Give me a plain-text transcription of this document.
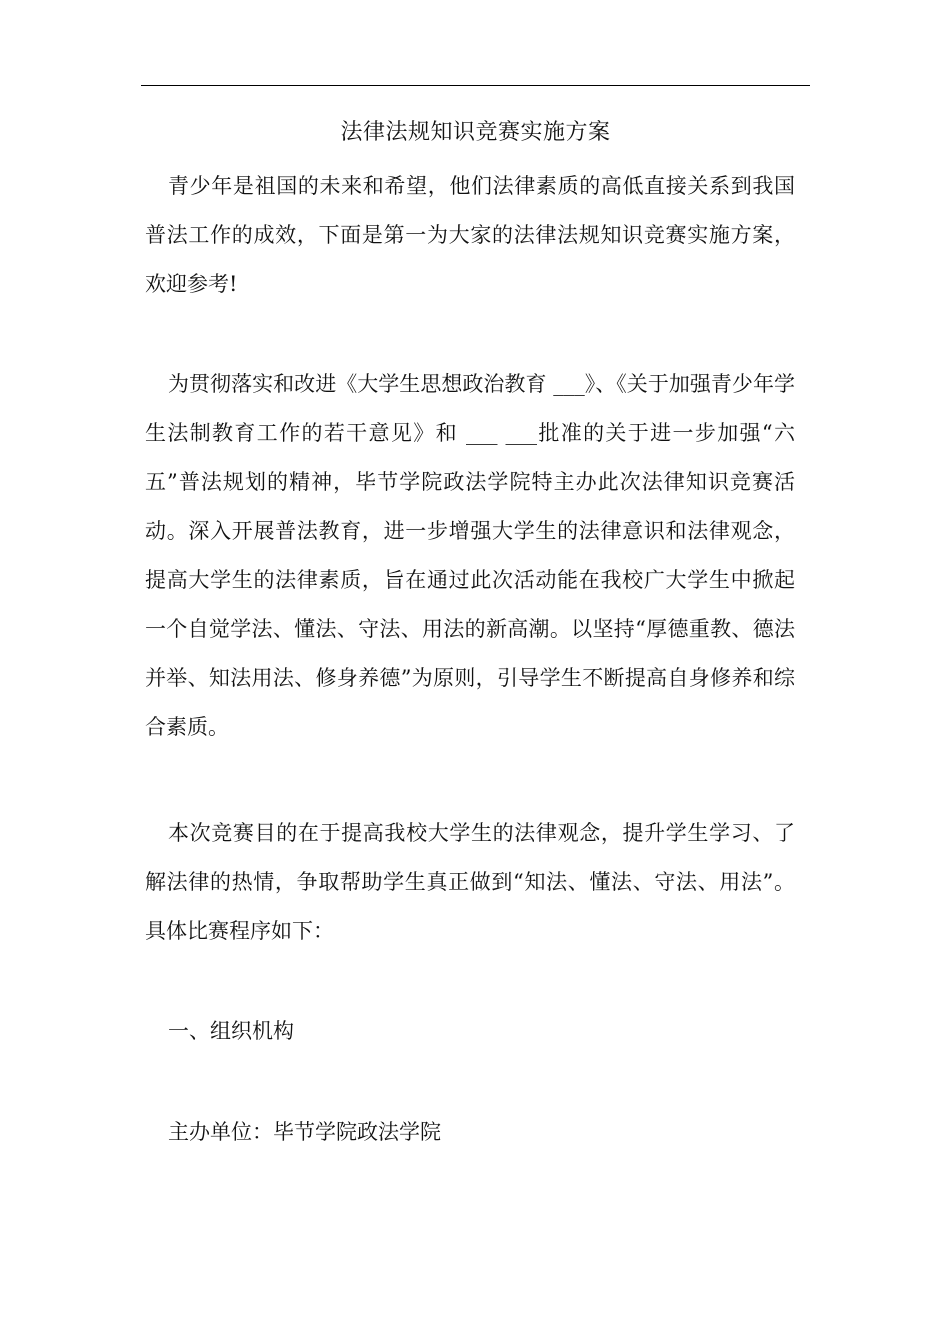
法律法规知识竞赛实施方案

青少年是祖国的未来和希望，他们法律素质的高低直接关系到我国普法工作的成效，下面是第一为大家的法律法规知识竞赛实施方案，欢迎参考!

为贯彻落实和改进《大学生思想政治教育 ___》、《关于加强青少年学生法制教育工作的若干意见》和 ___ ___批准的关于进一步加强“六五”普法规划的精神，毕节学院政法学院特主办此次法律知识竞赛活动。深入开展普法教育，进一步增强大学生的法律意识和法律观念，提高大学生的法律素质，旨在通过此次活动能在我校广大学生中掀起一个自觉学法、懂法、守法、用法的新高潮。以坚持“厚德重教、德法并举、知法用法、修身养德”为原则，引导学生不断提高自身修养和综合素质。

本次竞赛目的在于提高我校大学生的法律观念，提升学生学习、了解法律的热情，争取帮助学生真正做到“知法、懂法、守法、用法”。具体比赛程序如下：

一、组织机构

主办单位：毕节学院政法学院
